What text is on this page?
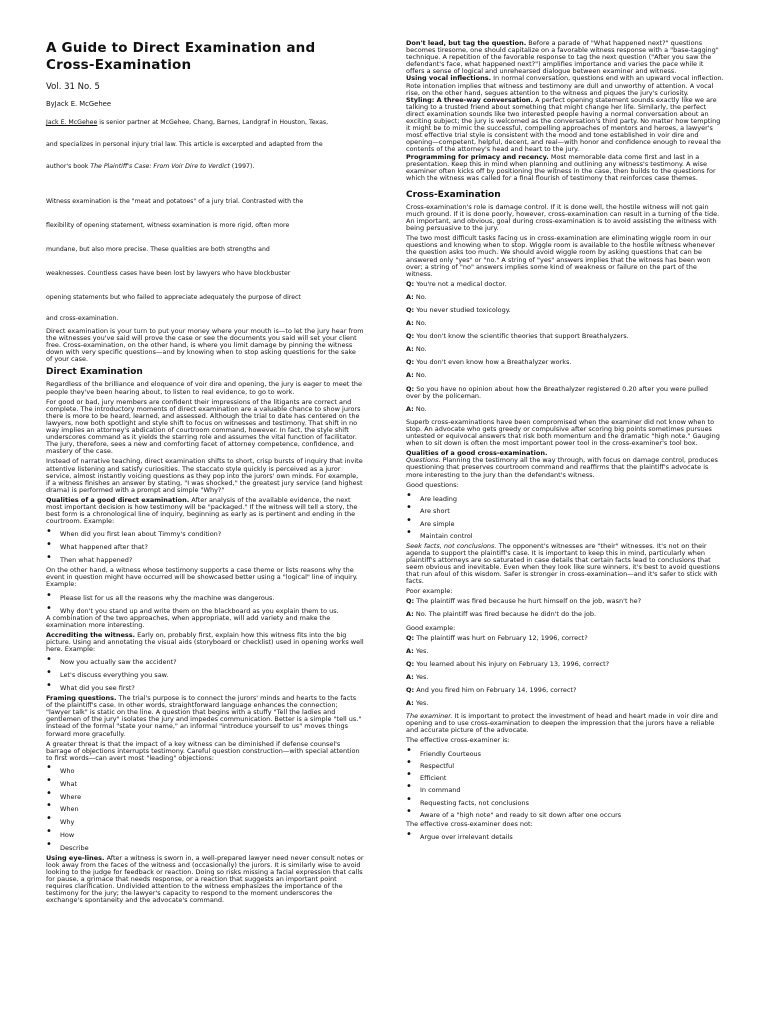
A Guide to Direct Examination and Cross-Examination

Vol. 31 No. 5

ByJack E. McGehee

Jack E. McGehee is senior partner at McGehee, Chang, Barnes, Landgraf in Houston, Texas,

and specializes in personal injury trial law. This article is excerpted and adapted from the

author's book The Plaintiff's Case: From Voir Dire to Verdict (1997).

Witness examination is the "meat and potatoes" of a jury trial. Contrasted with the

flexibility of opening statement, witness examination is more rigid, often more

mundane, but also more precise. These qualities are both strengths and

weaknesses. Countless cases have been lost by lawyers who have blockbuster

opening statements but who failed to appreciate adequately the purpose of direct

and cross-examination.

Direct examination is your turn to put your money where your mouth is—to let the jury hear from the witnesses you've said will prove the case or see the documents you said will set your client free. Cross-examination, on the other hand, is where you limit damage by pinning the witness down with very specific questions—and by knowing when to stop asking questions for the sake of your case.

Direct Examination

Regardless of the brilliance and eloquence of voir dire and opening, the jury is eager to meet the people they've been hearing about, to listen to real evidence, to go to work.

For good or bad, jury members are confident their impressions of the litigants are correct and complete. The introductory moments of direct examination are a valuable chance to show jurors there is more to be heard, learned, and assessed. Although the trial to date has centered on the lawyers, now both spotlight and style shift to focus on witnesses and testimony. That shift in no way implies an attorney's abdication of courtroom command, however. In fact, the style shift underscores command as it yields the starring role and assumes the vital function of facilitator. The jury, therefore, sees a new and comforting facet of attorney competence, confidence, and mastery of the case.

Instead of narrative teaching, direct examination shifts to short, crisp bursts of inquiry that invite attentive listening and satisfy curiosities. The staccato style quickly is perceived as a juror service, almost instantly voicing questions as they pop into the jurors' own minds. For example, if a witness finishes an answer by stating, "I was shocked," the greatest jury service (and highest drama) is performed with a prompt and simple "Why?"

Qualities of a good direct examination. After analysis of the available evidence, the next most important decision is how testimony will be "packaged." If the witness will tell a story, the best form is a chronological line of inquiry, beginning as early as is pertinent and ending in the courtroom. Example:

• When did you first lean about Timmy's condition?
• What happened after that?
• Then what happened?

On the other hand, a witness whose testimony supports a case theme or lists reasons why the event in question might have occurred will be showcased better using a "logical" line of inquiry. Example:

• Please list for us all the reasons why the machine was dangerous.
• Why don't you stand up and write them on the blackboard as you explain them to us.

A combination of the two approaches, when appropriate, will add variety and make the examination more interesting.

Accrediting the witness. Early on, probably first, explain how this witness fits into the big picture. Using and annotating the visual aids (storyboard or checklist) used in opening works well here. Example:

• Now you actually saw the accident?
• Let's discuss everything you saw.
• What did you see first?

Framing questions. The trial's purpose is to connect the jurors' minds and hearts to the facts of the plaintiff's case. In other words, straightforward language enhances the connection; "lawyer talk" is static on the line. A question that begins with a stuffy "Tell the ladies and gentlemen of the jury" isolates the jury and impedes communication. Better is a simple "tell us." Instead of the formal "state your name," an informal "introduce yourself to us" moves things forward more gracefully.

A greater threat is that the impact of a key witness can be diminished if defense counsel's barrage of objections interrupts testimony. Careful question construction—with special attention to first words—can avert most "leading" objections:

• Who
• What
• Where
• When
• Why
• How
• Describe

Using eye-lines. After a witness is sworn in, a well-prepared lawyer need never consult notes or look away from the faces of the witness and (occasionally) the jurors. It is similarly wise to avoid looking to the judge for feedback or reaction. Doing so risks missing a facial expression that calls for pause, a grimace that needs response, or a reaction that suggests an important point requires clarification. Undivided attention to the witness emphasizes the importance of the testimony for the jury; the lawyer's capacity to respond to the moment underscores the exchange's spontaneity and the advocate's command.

Don't lead, but tag the question. Before a parade of "What happened next?" questions becomes tiresome, one should capitalize on a favorable witness response with a "base-tagging" technique. A repetition of the favorable response to tag the next question ("After you saw the defendant's face, what happened next?") amplifies importance and varies the pace while it offers a sense of logical and unrehearsed dialogue between examiner and witness.

Using vocal inflections. In normal conversation, questions end with an upward vocal inflection. Rote intonation implies that witness and testimony are dull and unworthy of attention. A vocal rise, on the other hand, segues attention to the witness and piques the jury's curiosity.

Styling: A three-way conversation. A perfect opening statement sounds exactly like we are talking to a trusted friend about something that might change her life. Similarly, the perfect direct examination sounds like two interested people having a normal conversation about an exciting subject; the jury is welcomed as the conversation's third party. No matter how tempting it might be to mimic the successful, compelling approaches of mentors and heroes, a lawyer's most effective trial style is consistent with the mood and tone established in voir dire and opening—competent, helpful, decent, and real—with honor and confidence enough to reveal the contents of the attorney's head and heart to the jury.

Programming for primacy and recency. Most memorable data come first and last in a presentation. Keep this in mind when planning and outlining any witness's testimony. A wise examiner often kicks off by positioning the witness in the case, then builds to the questions for which the witness was called for a final flourish of testimony that reinforces case themes.

Cross-Examination

Cross-examination's role is damage control. If it is done well, the hostile witness will not gain much ground. If it is done poorly, however, cross-examination can result in a turning of the tide. An important, and obvious, goal during cross-examination is to avoid assisting the witness with being persuasive to the jury.

The two most difficult tasks facing us in cross-examination are eliminating wiggle room in our questions and knowing when to stop. Wiggle room is available to the hostile witness whenever the question asks too much. We should avoid wiggle room by asking questions that can be answered only "yes" or "no." A string of "yes" answers implies that the witness has been won over; a string of "no" answers implies some kind of weakness or failure on the part of the witness.

Q: You're not a medical doctor.

A: No.

Q: You never studied toxicology.

A: No.

Q: You don't know the scientific theories that support Breathalyzers.

A: No.

Q: You don't even know how a Breathalyzer works.

A: No.

Q: So you have no opinion about how the Breathalyzer registered 0.20 after you were pulled over by the policeman.

A: No.

Superb cross-examinations have been compromised when the examiner did not know when to stop. An advocate who gets greedy or compulsive after scoring big points sometimes pursues untested or equivocal answers that risk both momentum and the dramatic "high note." Gauging when to sit down is often the most important power tool in the cross-examiner's tool box.

Qualities of a good cross-examination.

Questions. Planning the testimony all the way through, with focus on damage control, produces questioning that preserves courtroom command and reaffirms that the plaintiff's advocate is more interesting to the jury than the defendant's witness.

Good questions:

• Are leading
• Are short
• Are simple
• Maintain control

Seek facts, not conclusions. The opponent's witnesses are "their" witnesses. It's not on their agenda to support the plaintiff's case. It is important to keep this in mind, particularly when plaintiff's attorneys are so saturated in case details that certain facts lead to conclusions that seem obvious and inevitable. Even when they look like sure winners, it's best to avoid questions that run afoul of this wisdom. Safer is stronger in cross-examination—and it's safer to stick with facts.

Poor example:

Q: The plaintiff was fired because he hurt himself on the job, wasn't he?

A: No. The plaintiff was fired because he didn't do the job.

Good example:

Q: The plaintiff was hurt on February 12, 1996, correct?

A: Yes.

Q: You learned about his injury on February 13, 1996, correct?

A: Yes.

Q: And you fired him on February 14, 1996, correct?

A: Yes.

The examiner. It is important to protect the investment of head and heart made in voir dire and opening and to use cross-examination to deepen the impression that the jurors have a reliable and accurate picture of the advocate.

The effective cross-examiner is:

• Friendly Courteous
• Respectful
• Efficient
• In command
• Requesting facts, not conclusions
• Aware of a "high note" and ready to sit down after one occurs

The effective cross-examiner does not:

• Argue over irrelevant details
